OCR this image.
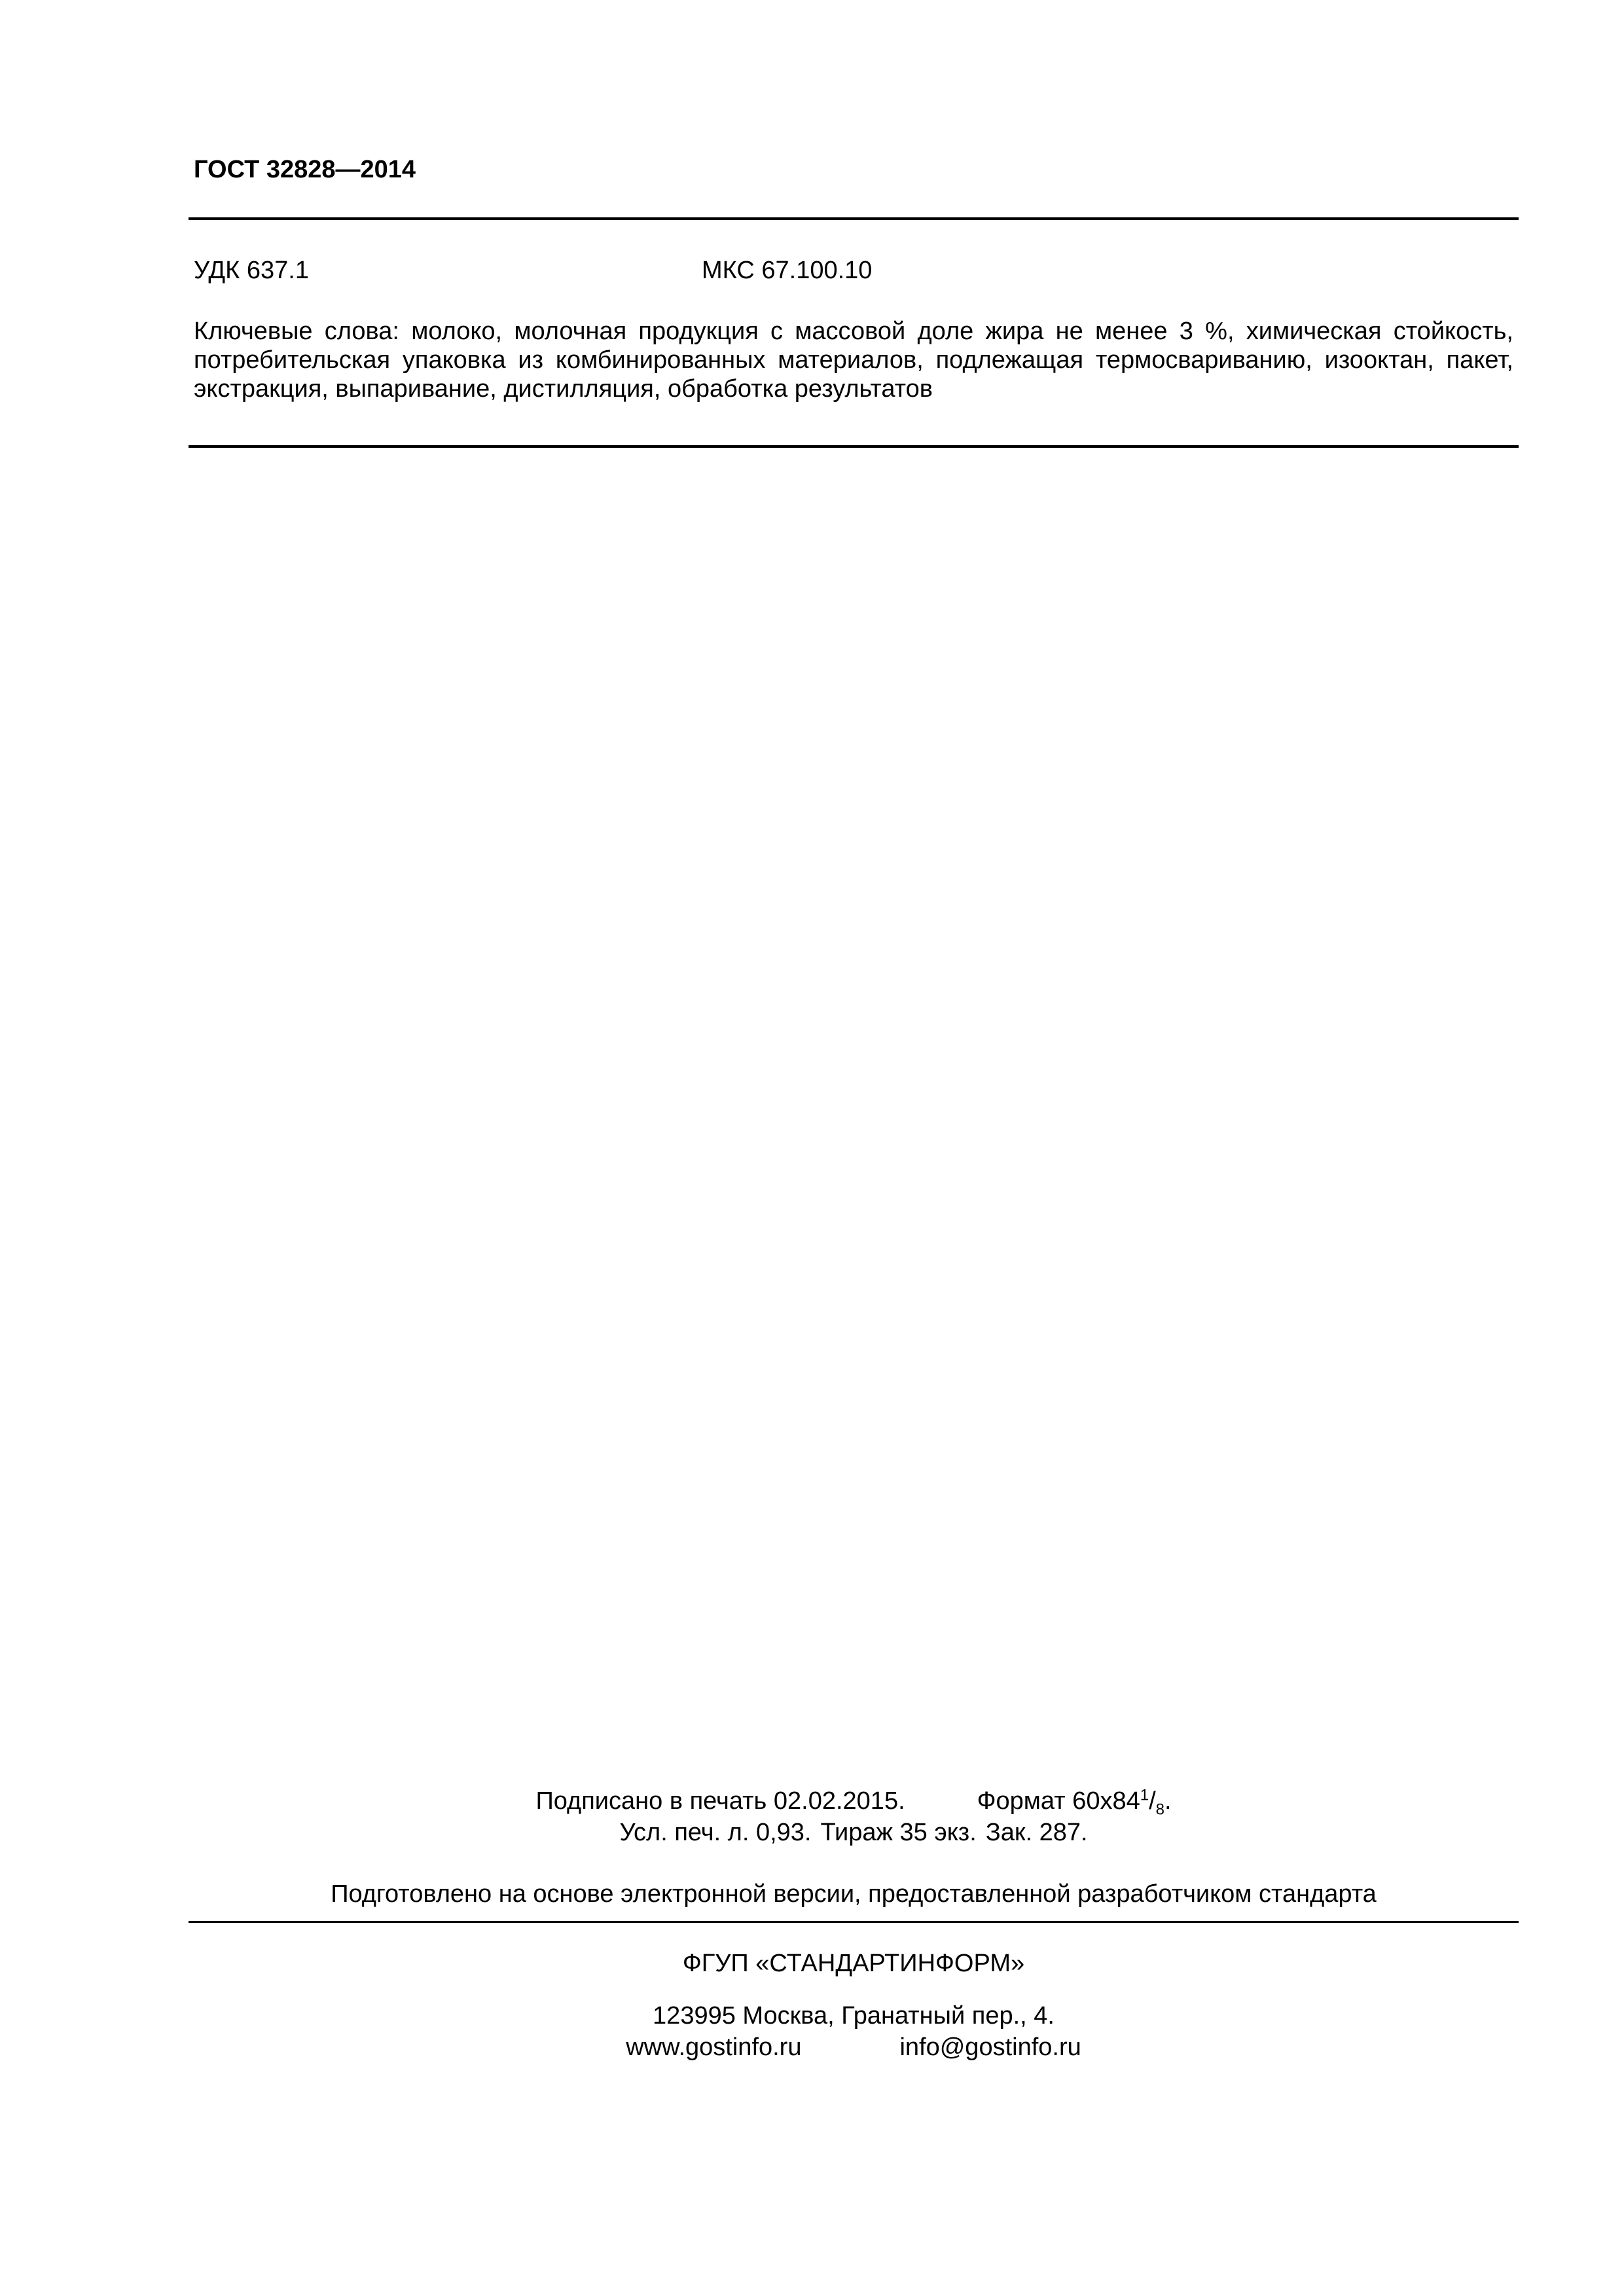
ГОСТ 32828—2014
УДК 637.1	МКС 67.100.10
Ключевые слова: молоко, молочная продукция с массовой доле жира не менее 3 %, химическая стойкость, потребительская упаковка из комбинированных материалов, подлежащая термосвариванию, изооктан, пакет, экстракция, выпаривание, дистилляция, обработка результатов
Подписано в печать 02.02.2015.	Формат $60x84^1/_8$.
Усл. печ. л. 0,93. Тираж 35 экз. Зак. 287.
Подготовлено на основе электронной версии, предоставленной разработчиком стандарта
ФГУП «СТАНДАРТИНФОРМ»
123995 Москва, Гранатный пер., 4.
www.gostinfo.ru	info@gostinfo.ru
